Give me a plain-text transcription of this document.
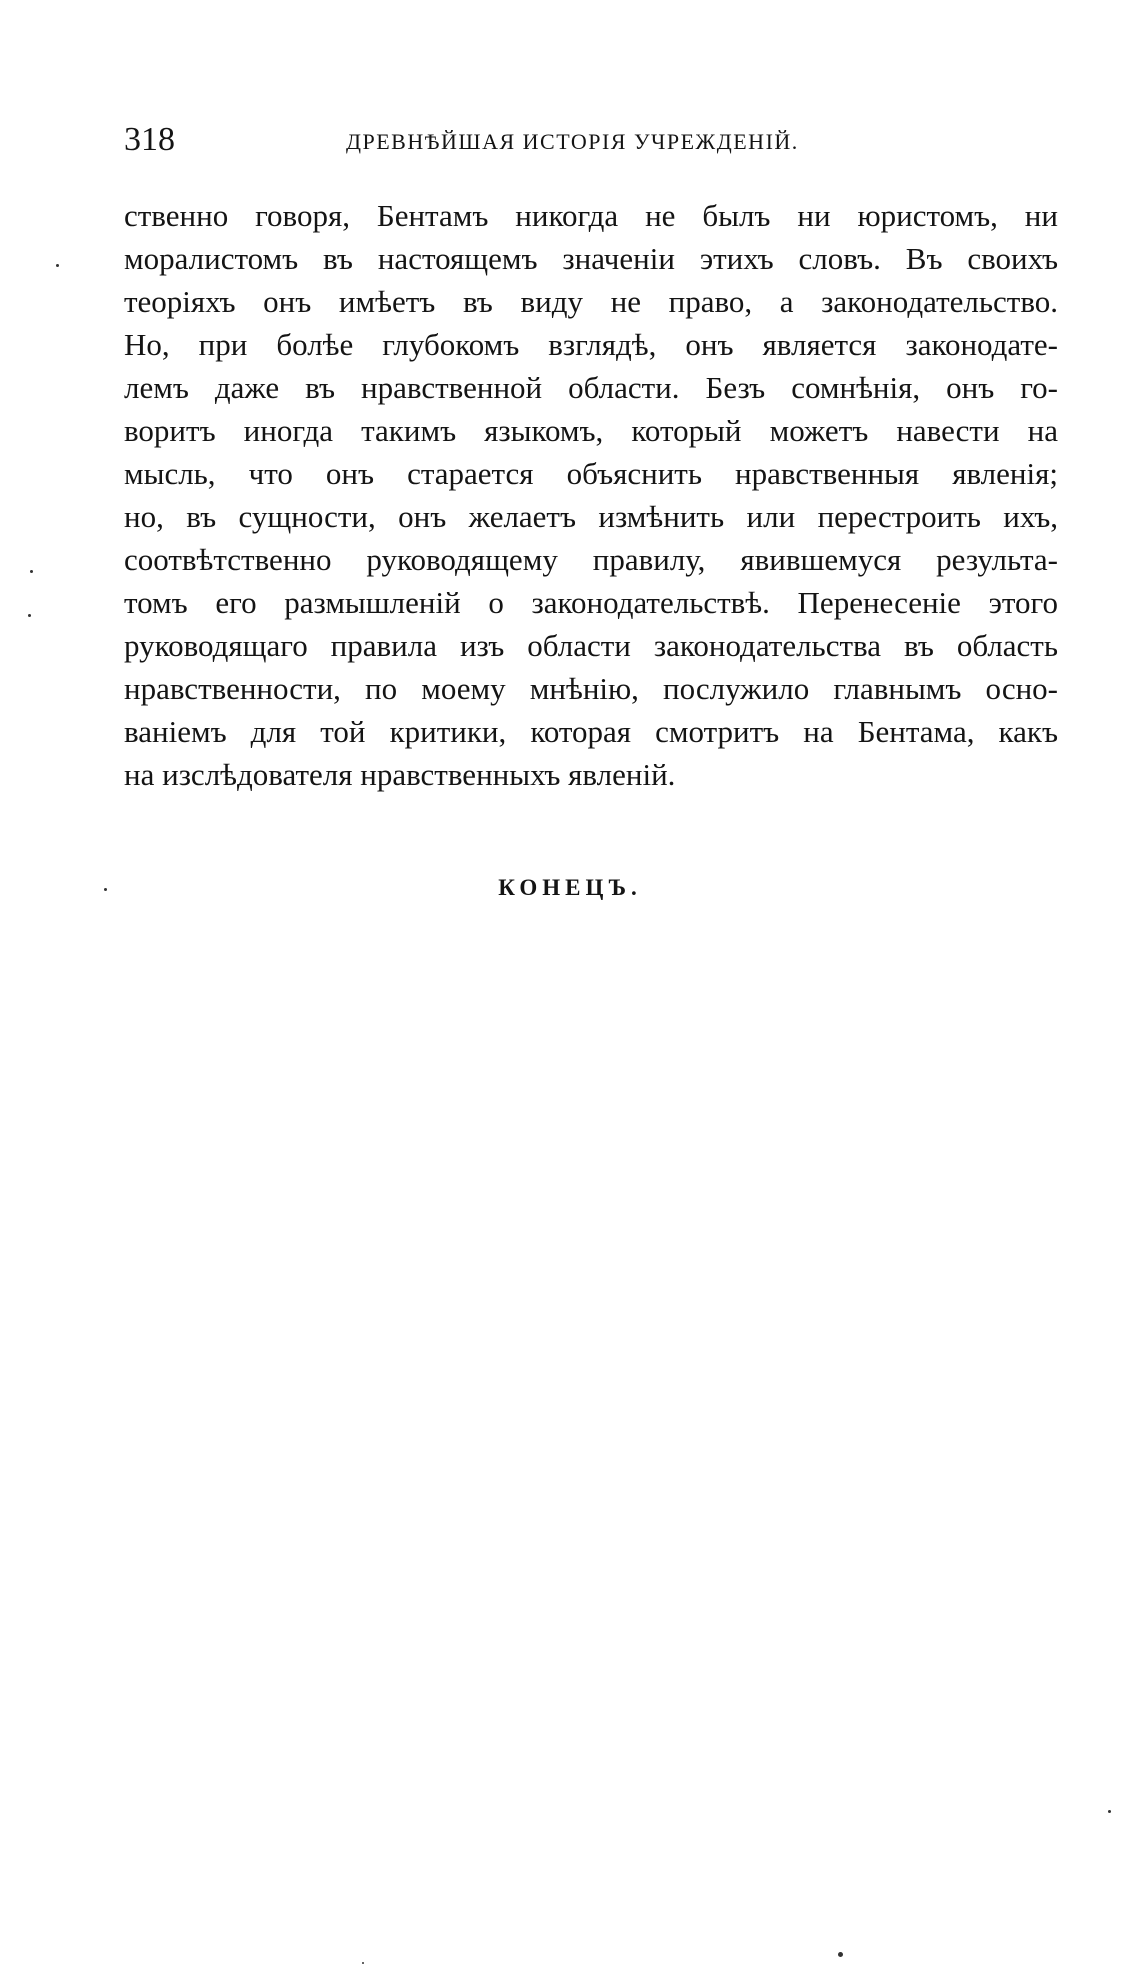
318	ДРЕВНѢЙШАЯ ИСТОРІЯ УЧРЕЖДЕНІЙ.
ственно говоря, Бентамъ никогда не былъ ни юристомъ, ни
моралистомъ въ настоящемъ значеніи этихъ словъ. Въ своихъ
теоріяхъ онъ имѣетъ въ виду не право, а законодательство.
Но, при болѣе глубокомъ взглядѣ, онъ является законодате-
лемъ даже въ нравственной области. Безъ сомнѣнія, онъ го-
воритъ иногда такимъ языкомъ, который можетъ навести на
мысль, что онъ старается объяснить нравственныя явленія;
но, въ сущности, онъ желаетъ измѣнить или перестроить ихъ,
соотвѣтственно руководящему правилу, явившемуся результа-
томъ его размышленій о законодательствѣ. Перенесеніе этого
руководящаго правила изъ области законодательства въ область
нравственности, по моему мнѣнію, послужило главнымъ осно-
ваніемъ для той критики, которая смотритъ на Бентама, какъ
на изслѣдователя нравственныхъ явленій.
КОНЕЦЪ.
